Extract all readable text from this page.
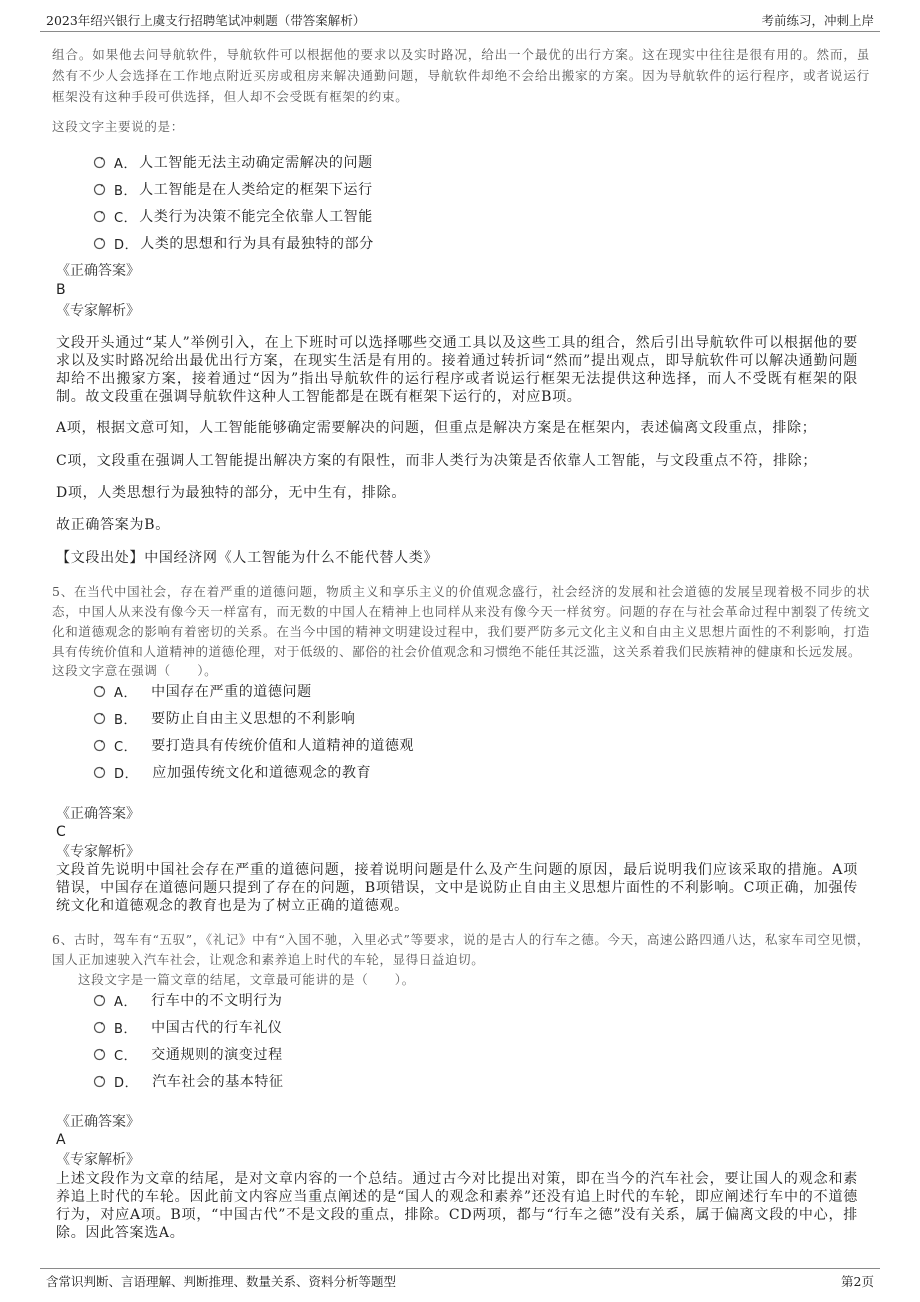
2023年绍兴银行上虞支行招聘笔试冲刺题（带答案解析）	考前练习，冲刺上岸
组合。如果他去问导航软件，导航软件可以根据他的要求以及实时路况，给出一个最优的出行方案。这在现实中往往是很有用的。然而，虽然有不少人会选择在工作地点附近买房或租房来解决通勤问题，导航软件却绝不会给出搬家的方案。因为导航软件的运行程序，或者说运行框架没有这种手段可供选择，但人却不会受既有框架的约束。
这段文字主要说的是：
A． 人工智能无法主动确定需解决的问题
B． 人工智能是在人类给定的框架下运行
C． 人类行为决策不能完全依靠人工智能
D． 人类的思想和行为具有最独特的部分
《正确答案》
B
《专家解析》
文段开头通过“某人”举例引入，在上下班时可以选择哪些交通工具以及这些工具的组合，然后引出导航软件可以根据他的要求以及实时路况给出最优出行方案，在现实生活是有用的。接着通过转折词“然而”提出观点，即导航软件可以解决通勤问题却给不出搬家方案，接着通过“因为”指出导航软件的运行程序或者说运行框架无法提供这种选择，而人不受既有框架的限制。故文段重在强调导航软件这种人工智能都是在既有框架下运行的，对应B项。
A项，根据文意可知，人工智能能够确定需要解决的问题，但重点是解决方案是在框架内，表述偏离文段重点，排除；
C项，文段重在强调人工智能提出解决方案的有限性，而非人类行为决策是否依靠人工智能，与文段重点不符，排除；
D项，人类思想行为最独特的部分，无中生有，排除。
故正确答案为B。
【文段出处】中国经济网《人工智能为什么不能代替人类》
5、在当代中国社会，存在着严重的道德问题，物质主义和享乐主义的价值观念盛行，社会经济的发展和社会道德的发展呈现着极不同步的状态，中国人从来没有像今天一样富有，而无数的中国人在精神上也同样从来没有像今天一样贫穷。问题的存在与社会革命过程中割裂了传统文化和道德观念的影响有着密切的关系。在当今中国的精神文明建设过程中，我们要严防多元文化主义和自由主义思想片面性的不利影响，打造具有传统价值和人道精神的道德伦理，对于低级的、鄙俗的社会价值观念和习惯绝不能任其泛滥，这关系着我们民族精神的健康和长远发展。
这段文字意在强调（　　）。
A． 中国存在严重的道德问题
B． 要防止自由主义思想的不利影响
C． 要打造具有传统价值和人道精神的道德观
D． 应加强传统文化和道德观念的教育
《正确答案》
C
《专家解析》
文段首先说明中国社会存在严重的道德问题，接着说明问题是什么及产生问题的原因，最后说明我们应该采取的措施。A项错误，中国存在道德问题只提到了存在的问题，B项错误，文中是说防止自由主义思想片面性的不利影响。C项正确，加强传统文化和道德观念的教育也是为了树立正确的道德观。
6、古时，驾车有“五驭”，《礼记》中有“入国不驰，入里必式”等要求，说的是古人的行车之德。今天，高速公路四通八达，私家车司空见惯，国人正加速驶入汽车社会，让观念和素养追上时代的车轮，显得日益迫切。
这段文字是一篇文章的结尾，文章最可能讲的是（　　）。
A． 行车中的不文明行为
B． 中国古代的行车礼仪
C． 交通规则的演变过程
D． 汽车社会的基本特征
《正确答案》
A
《专家解析》
上述文段作为文章的结尾，是对文章内容的一个总结。通过古今对比提出对策，即在当今的汽车社会，要让国人的观念和素养追上时代的车轮。因此前文内容应当重点阐述的是“国人的观念和素养”还没有追上时代的车轮，即应阐述行车中的不道德行为，对应A项。B项，“中国古代”不是文段的重点，排除。CD两项，都与“行车之德”没有关系，属于偏离文段的中心，排除。因此答案选A。
含常识判断、言语理解、判断推理、数量关系、资料分析等题型	第2页
